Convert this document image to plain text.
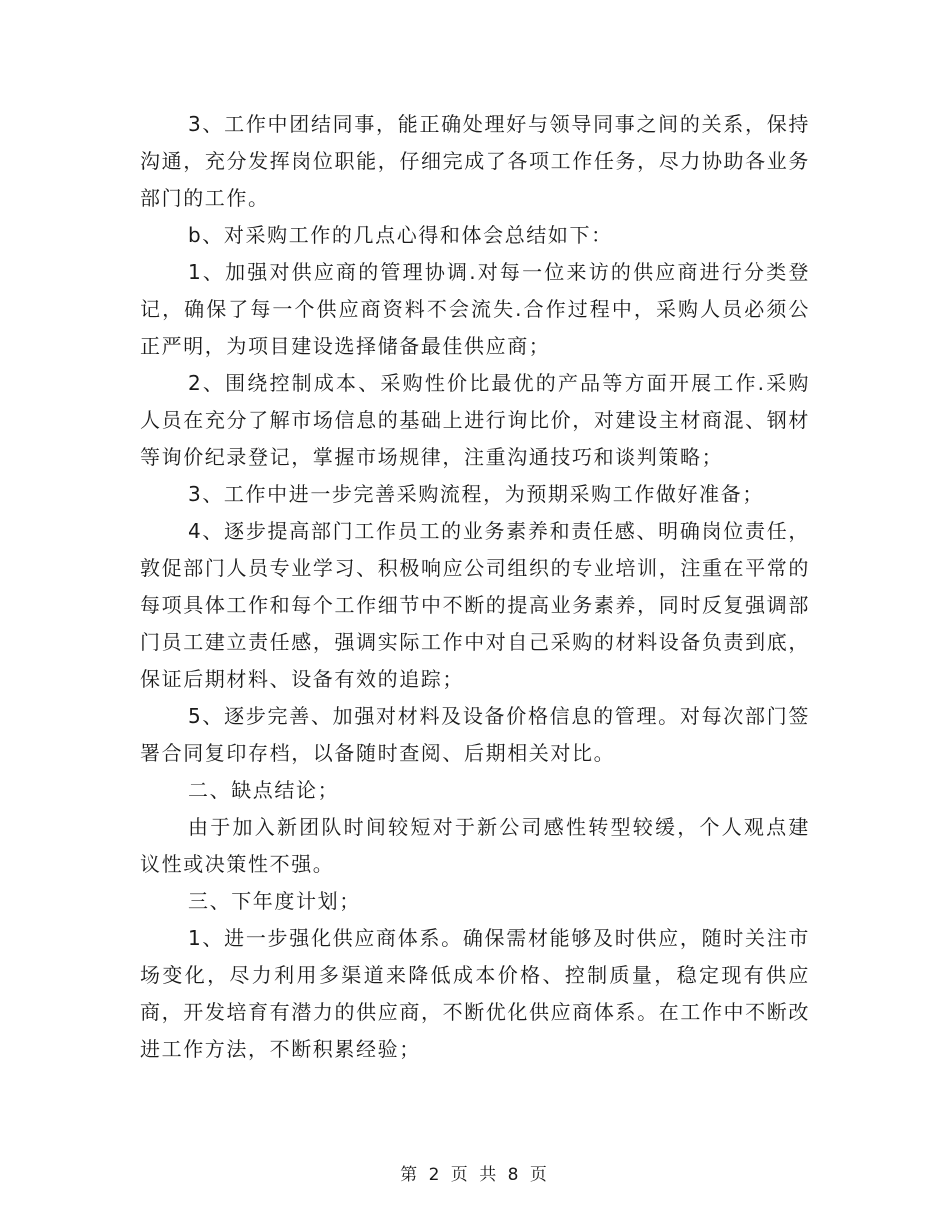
3、工作中团结同事，能正确处理好与领导同事之间的关系，保持沟通，充分发挥岗位职能，仔细完成了各项工作任务，尽力协助各业务部门的工作。

b、对采购工作的几点心得和体会总结如下：

1、加强对供应商的管理协调.对每一位来访的供应商进行分类登记，确保了每一个供应商资料不会流失.合作过程中，采购人员必须公正严明，为项目建设选择储备最佳供应商；

2、围绕控制成本、采购性价比最优的产品等方面开展工作.采购人员在充分了解市场信息的基础上进行询比价，对建设主材商混、钢材等询价纪录登记，掌握市场规律，注重沟通技巧和谈判策略；

3、工作中进一步完善采购流程，为预期采购工作做好准备；

4、逐步提高部门工作员工的业务素养和责任感、明确岗位责任，敦促部门人员专业学习、积极响应公司组织的专业培训，注重在平常的每项具体工作和每个工作细节中不断的提高业务素养，同时反复强调部门员工建立责任感，强调实际工作中对自己采购的材料设备负责到底，保证后期材料、设备有效的追踪；

5、逐步完善、加强对材料及设备价格信息的管理。对每次部门签署合同复印存档，以备随时查阅、后期相关对比。

二、缺点结论；

由于加入新团队时间较短对于新公司感性转型较缓，个人观点建议性或决策性不强。

三、下年度计划；

1、进一步强化供应商体系。确保需材能够及时供应，随时关注市场变化，尽力利用多渠道来降低成本价格、控制质量，稳定现有供应商，开发培育有潜力的供应商，不断优化供应商体系。在工作中不断改进工作方法，不断积累经验；

第 2 页 共 8 页
